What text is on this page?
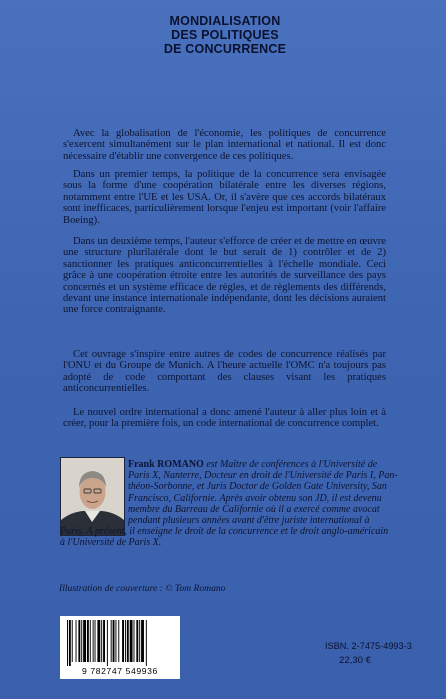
MONDIALISATION
DES POLITIQUES
DE CONCURRENCE
Avec la globalisation de l'économie, les politiques de concurrence s'exercent simultanément sur le plan international et national. Il est donc nécessaire d'établir une convergence de ces politiques.
Dans un premier temps, la politique de la concurrence sera envisagée sous la forme d'une coopération bilatérale entre les diverses régions, notamment entre l'UE et les USA. Or, il s'avère que ces accords bilatéraux sont inefficaces, particulièrement lorsque l'enjeu est important (voir l'affaire Boeing).
Dans un deuxième temps, l'auteur s'efforce de créer et de mettre en œuvre une structure plurilatérale dont le but serait de 1) contrôler et de 2) sanctionner les pratiques anticoncurrentielles à l'échelle mondiale. Ceci grâce à une coopération étroite entre les autorités de surveillance des pays concernés et un système efficace de règles, et de règlements des différends, devant une instance internationale indépendante, dont les décisions auraient une force contraignante.
Cet ouvrage s'inspire entre autres de codes de concurrence réalisés par l'ONU et du Groupe de Munich. A l'heure actuelle l'OMC n'a toujours pas adopté de code comportant des clauses visant les pratiques anticoncurrentielles.
Le nouvel ordre international a donc amené l'auteur à aller plus loin et à créer, pour la première fois, un code international de concurrence complet.
Frank ROMANO est Maître de conférences à l'Université de
Paris X, Nanterre, Docteur en droit de l'Université de Paris I, Pan-
théon-Sorbonne, et Juris Doctor de Golden Gate University, San
Francisco, Californie. Après avoir obtenu son JD, il est devenu
membre du Barreau de Californie où il a exercé comme avocat
pendant plusieurs années avant d'être juriste international à
Paris. A présent, il enseigne le droit de la concurrence et le droit anglo-américain
à l'Université de Paris X.
Illustration de couverture : © Tom Romano
9 782747 549936
ISBN. 2-7475-4993-3
22,30 €
